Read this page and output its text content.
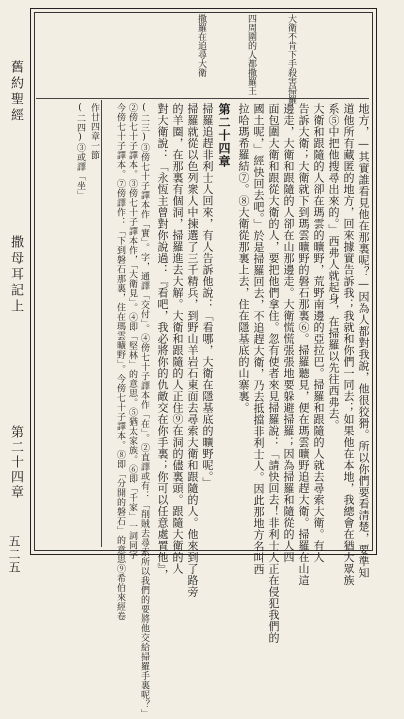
舊約聖經
撒母耳記上
第二十四章
五二五
撒羅在追尋大衛	四周圍的人都撒羅王	大衛不肯下手殺害掃羅
地方，—其實誰看見他在那裏呢？—因為人都對我說，他很狡猾。所以你們要看清楚，要準知
道他所有藏匿的地方，回來據實告訴我；我就和你們一同去；如果他在本地，我總會在猶大眾族
系⑤中把他搜尋出來的。」西弗人就起身，在掃羅以先往西弗去。
大衛和跟隨的人卻在瑪雲的曠野，荒野南邊的亞拉巴。掃羅和跟隨的人就去尋索大衛。有人
告訴大衛；大衛就下到瑪雲曠野的磐石那裏⑥。掃羅聽見，便在瑪雲曠野追趕大衛。掃羅在山這
邊走，大衛和跟隨的人卻在山那邊走。大衛慌慌張張地要躲避掃羅；因為掃羅和隨從的人四
面包圍大衛和跟從大衛的人，要把他們拿住。忽有使者來見掃羅說：「請快回去！非利士人正在侵犯我們的
國土呢，」經快回去吧。」於是掃羅回去，不追趕大衛，乃去抵擋非利士人。因此那地方名叫西
拉哈瑪希羅結⑦。⑧大衛從那裏上去，住在隱基底的山寨裏。
第二十四章
掃羅追趕非利士人回來，有人告訴他說：「看哪，大衛在隱基底的曠野呢。」
掃羅就從以色列衆人中揀選了三千精兵，到野山羊岩石東面去尋索大衛和跟隨的人。他來到了路旁
的羊圈，在那裏有個洞，掃羅進去大解。大衛和跟隨的人正住⑨在洞的儘裏頭。跟隨大衛的人
對大衛說：「永恆主曾對你說過：『看吧，我必將你的仇敵交在你手裏；你可以任意處置他』，
(二三)③傍七十子譯本作「實」。字，通譯「交付」。④傍七十子譯本作「在」。②直譯或有：「削賊去尋索所以我們的要將他交給掃羅手裏呢？」
②傍七十子譯本。③傍七十子譯本作，「大衛見」。④即「堅林」的意思。⑤猶太家族。⑥即「千家」一詞同字
今傍七十子譯本。⑦傍譯作：「下到磐石那裏，住在瑪雲曠野」。今傍七十子譯本。⑧即「分開的磐石」的意思⑨希伯來經卷
作廿四章一節
(二四)③或譯「坐」
